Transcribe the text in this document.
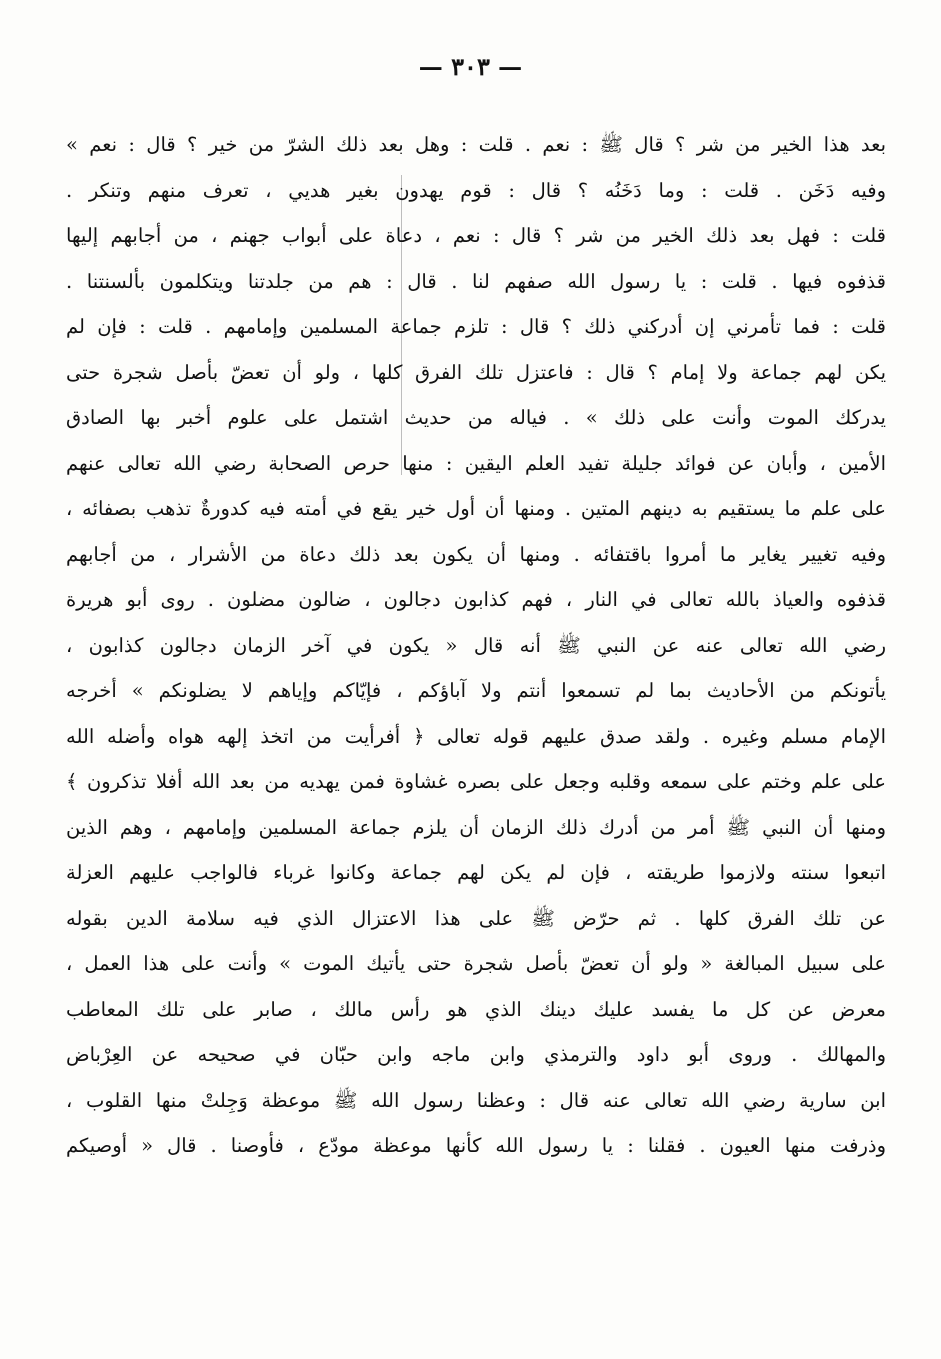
— ٣٠٣ —
بعد هذا الخير من شر ؟ قال ﷺ : نعم . قلت : وهل بعد ذلك الشرّ من خير ؟ قال : نعم »
وفيه دَخَن . قلت : وما دَخَنُه ؟ قال : قوم يهدون بغير هديي ، تعرف منهم وتنكر .
قلت : فهل بعد ذلك الخير من شر ؟ قال : نعم ، دعاة على أبواب جهنم ، من أجابهم إليها
قذفوه فيها . قلت : يا رسول الله صفهم لنا . قال : هم من جلدتنا ويتكلمون بألسنتنا .
قلت : فما تأمرني إن أدركني ذلك ؟ قال : تلزم جماعة المسلمين وإمامهم . قلت : فإن لم
يكن لهم جماعة ولا إمام ؟ قال : فاعتزل تلك الفرق كلها ، ولو أن تعضّ بأصل شجرة حتى
يدركك الموت وأنت على ذلك » . فياله من حديث اشتمل على علوم أخبر بها الصادق
الأمين ، وأبان عن فوائد جليلة تفيد العلم اليقين : منها حرص الصحابة رضي الله تعالى عنهم
على علم ما يستقيم به دينهم المتين . ومنها أن أول خير يقع في أمته فيه كدورةٌ تذهب بصفائه ،
وفيه تغيير يغاير ما أمروا باقتفائه . ومنها أن يكون بعد ذلك دعاة من الأشرار ، من أجابهم
قذفوه والعياذ بالله تعالى في النار ، فهم كذابون دجالون ، ضالون مضلون . روى أبو هريرة
رضي الله تعالى عنه عن النبي ﷺ أنه قال « يكون في آخر الزمان دجالون كذابون ،
يأتونكم من الأحاديث بما لم تسمعوا أنتم ولا آباؤكم ، فإيّاكم وإياهم لا يضلونكم » أخرجه
الإمام مسلم وغيره . ولقد صدق عليهم قوله تعالى ﴿ أفرأيت من اتخذ إلهه هواه وأضله الله
على علم وختم على سمعه وقلبه وجعل على بصره غشاوة فمن يهديه من بعد الله أفلا تذكرون ﴾
ومنها أن النبي ﷺ أمر من أدرك ذلك الزمان أن يلزم جماعة المسلمين وإمامهم ، وهم الذين
اتبعوا سنته ولازموا طريقته ، فإن لم يكن لهم جماعة وكانوا غرباء فالواجب عليهم العزلة
عن تلك الفرق كلها . ثم حرّض ﷺ على هذا الاعتزال الذي فيه سلامة الدين بقوله
على سبيل المبالغة « ولو أن تعضّ بأصل شجرة حتى يأتيك الموت » وأنت على هذا العمل ،
معرض عن كل ما يفسد عليك دينك الذي هو رأس مالك ، صابر على تلك المعاطب
والمهالك . وروى أبو داود والترمذي وابن ماجه وابن حبّان في صحيحه عن العِرْباض
ابن سارية رضي الله تعالى عنه قال : وعظنا رسول الله ﷺ موعظة وَجِلتْ منها القلوب ،
وذرفت منها العيون . فقلنا : يا رسول الله كأنها موعظة مودّع ، فأوصنا . قال « أوصيكم
